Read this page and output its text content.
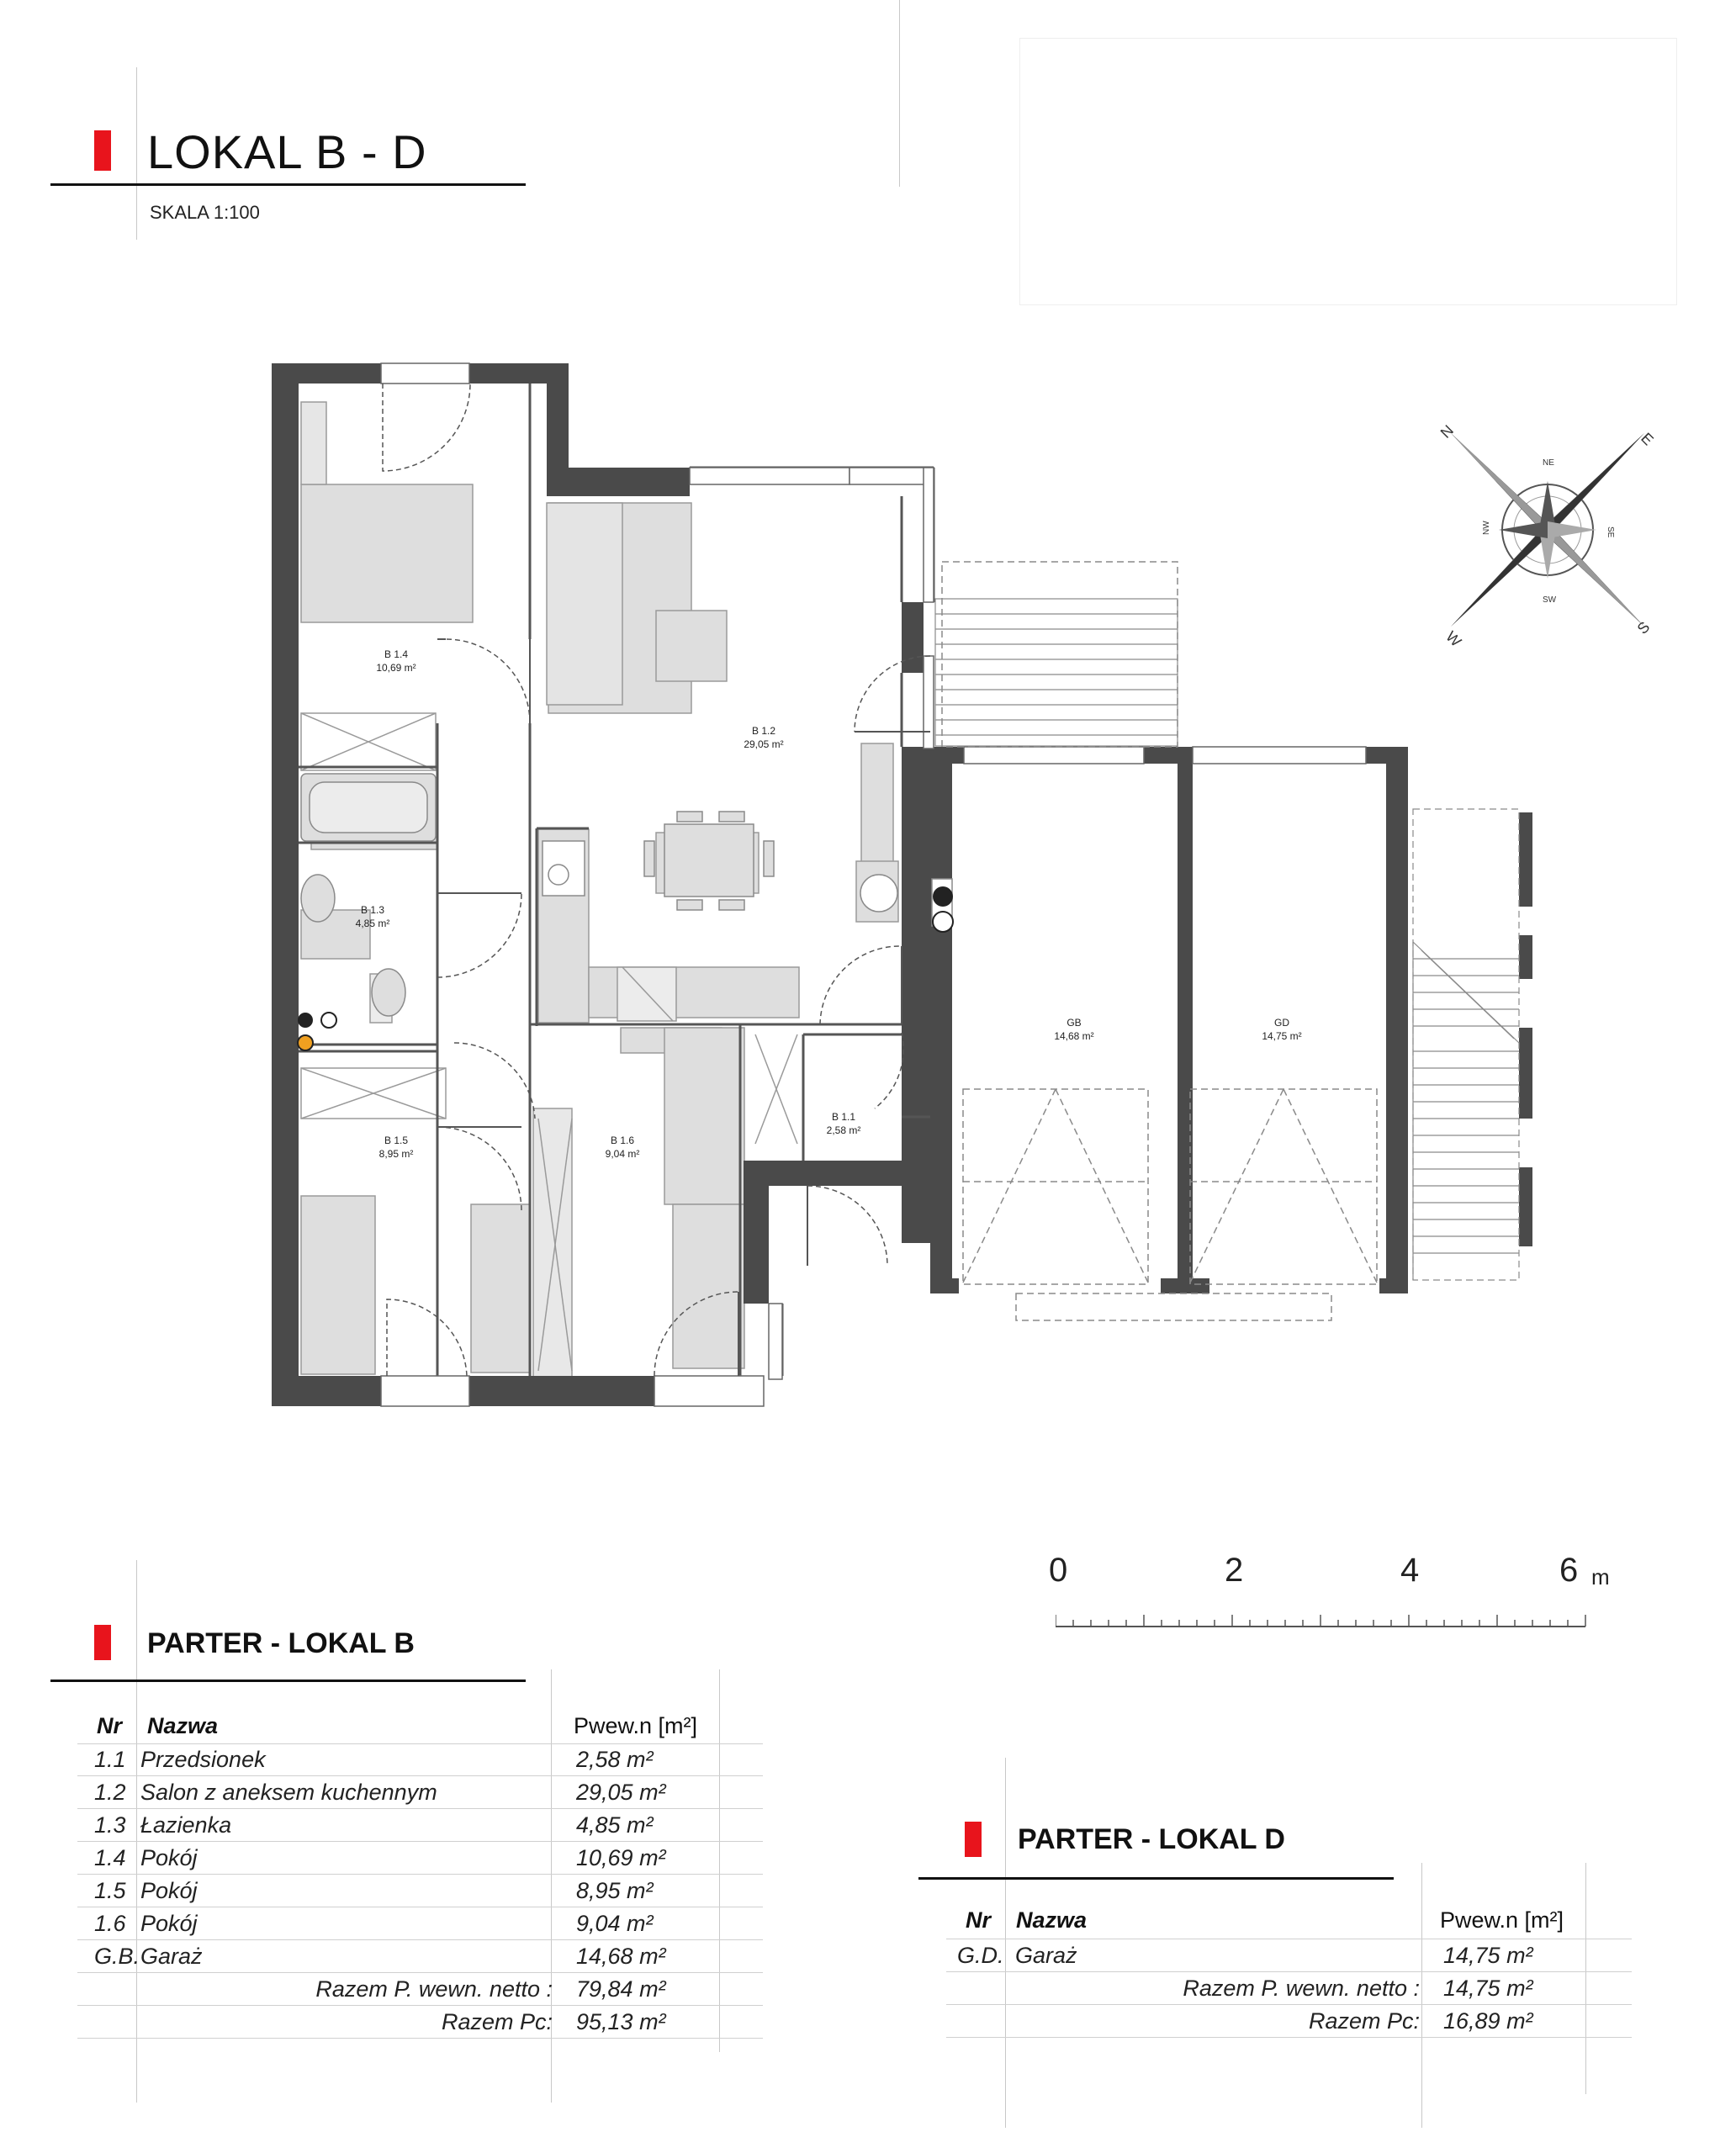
LOKAL B - D
SKALA 1:100
N	E
S
W
NE
SW
NW	SE
B 1.4
10,69 m²
B 1.2
29,05 m²
B 1.3
4,85 m²
B 1.5
8,95 m²
B 1.6
9,04 m²
B 1.1
2,58 m²
GB
14,68 m²
GD
14,75 m²
0	2	4	6 m
PARTER - LOKAL B
Nr Nazwa	Pwew.n [m²]
1.1 Przedsionek	2,58 m²
1.2 Salon z aneksem kuchennym	29,05 m²
1.3 Łazienka	4,85 m²
1.4 Pokój	10,69 m²
1.5 Pokój	8,95 m²
1.6 Pokój	9,04 m²
G.B. Garaż	14,68 m²
Razem P. wewn. netto : 79,84 m²
Razem Pc: 95,13 m²
PARTER - LOKAL D
Nr Nazwa	Pwew.n [m²]
G.D. Garaż	14,75 m²
Razem P. wewn. netto : 14,75 m²
Razem Pc: 16,89 m²
